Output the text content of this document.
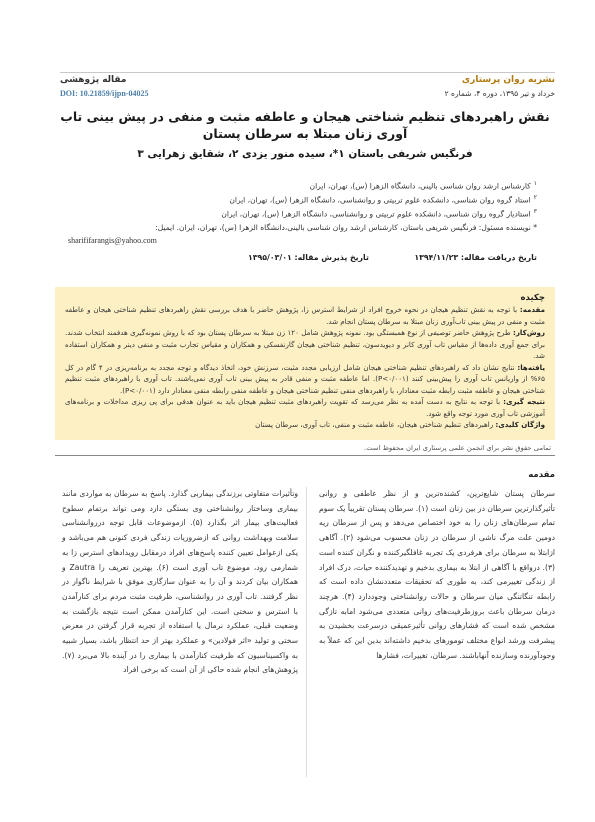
نشریه روان پرستاری
خرداد و تیر ۱۳۹۵، دوره ۴، شماره ۲
مقاله پژوهشی
DOI: 10.21859/ijpn-04025
نقش راهبردهای تنظیم شناختی هیجان و عاطفه مثبت و منفی در پیش بینی تاب آوری زنان مبتلا به سرطان پستان
فرنگیس شریفی باستان ۱*، سیده منور یزدی ۲، شقایق زهرایی ۳
$^۱$کارشناس ارشد روان شناسی بالینی، دانشگاه الزهرا (س)، تهران، ایران
$^۲$استاد گروه روان شناسی، دانشکده علوم تربیتی و روانشناسی، دانشگاه الزهرا (س)، تهران، ایران
$^۳$استادیار گروه روان شناسی، دانشکده علوم تربیتی و روانشناسی، دانشگاه الزهرا (س)، تهران، ایران
* نویسنده مسئول: فرنگیس شریفی باستان، کارشناس ارشد روان شناسی بالینی،دانشگاه الزهرا (س)، تهران، ایران. ایمیل:
sharififarangis@yahoo.com
تاریخ دریافت مقاله: ۱۳۹۴/۱۱/۲۳  تاریخ پذیرش مقاله: ۱۳۹۵/۰۳/۰۱
چکیده

مقدمه: با توجه به نقش تنظیم هیجان در نحوه خروج افراد از شرایط استرس زا، پژوهش حاضر با هدف بررسی نقش راهبردهای تنظیم شناختی هیجان و عاطفه مثبت و منفی در پیش بینی تاب‌آوری زنان مبتلا به سرطان پستان انجام شد.

روش‌کار: طرح پژوهش حاضر توصیفی از نوع همبستگی بود. نمونه پژوهش شامل ۱۲۰ زن مبتلا به سرطان پستان بود که با روش نمونه‌گیری هدفمند انتخاب شدند. برای جمع آوری داده‌ها از مقیاس تاب آوری کانر و دیویدسون، تنظیم شناختی هیجان گارنفسکی و همکاران و مقیاس تجارب مثبت و منفی دینر و همکاران استفاده شد.

یافته‌ها: نتایج نشان داد که راهبردهای تنظیم شناختی هیجان شامل ارزیابی مجدد مثبت، سرزنش خود، اتخاذ دیدگاه و توجه مجدد به برنامه‌ریزی در ۴ گام در کل ۶۵% از واریانس تاب آوری را پیش‌بینی کنند (P<۰/۰۰۱). اما عاطفه مثبت و منفی قادر به پیش بینی تاب آوری نمی‌باشند. تاب آوری با راهبردهای مثبت تنظیم شناختی هیجان و عاطفه مثبت رابطه مثبت معنادار، با راهبردهای منفی تنظیم شناختی هیجان و عاطفه منفی رابطه منفی معنادار دارد (P<۰/۰۰۱).

نتیجه گیری: با توجه به نتایج به دست آمده به نظر می‌رسد که تقویت راهبردهای مثبت تنظیم هیجان باید به عنوان هدفی برای پی ریزی مداخلات و برنامه‌های آموزشی تاب آوری مورد توجه واقع شود.

واژگان کلیدی: راهبردهای تنظیم شناختی هیجان، عاطفه مثبت و منفی، تاب آوری، سرطان پستان

تمامی حقوق نشر برای انجمن علمی پرستاری ایران محفوظ است.
مقدمه
سرطان پستان شایع‌ترین، کشنده‌ترین و از نظر عاطفی و روانی تأثیرگذارترین سرطان در بین زنان است (۱). سرطان پستان تقریباً یک سوم تمام سرطان‌های زنان را به خود اختصاص می‌دهد و پس از سرطان ریه دومین علت مرگ ناشی از سرطان در زنان محسوب می‌شود (۲). آگاهی ازابتلا به سرطان برای هرفردی یک تجربه غافلگیرکننده و نگران کننده است (۳). درواقع با آگاهی از ابتلا به بیماری بدخیم و تهدیدکننده حیات، درک افراد از زندگی تغییرمی کند، به طوری که تحقیقات متعددنشان داده است که رابطه تنگاتنگی میان سرطان و حالات روانشناختی وجوددارد (۴). هرچند درمان سرطان باعث بروزطرفیت‌های روانی متعددی می‌شود امابه تازگی مشخص شده است که فشارهای روانی تأثیرعمیقی درسرعت بخشیدن به پیشرفت ورشد انواع مختلف تومورهای بدخیم داشته‌اند بدین این که عملاً به وجودآورنده وسازنده آنهاباشند. سرطان، تغییرات، فشارها
وتأثیرات متفاوتی برزندگی بیماربی گذارد. پاسخ به سرطان به مواردی مانند بیماری وساختار روانشناختی وی بستگی دارد ومی تواند برتمام سطوح فعالیت‌های بیمار اثر بگذارد (۵). ازموضوعات قابل توجه درروانشناسی سلامت وبهداشت روانی که ازضروریات زندگی فردی کنونی هم می‌باشد و یکی ازعوامل تعیین کننده پاسخ‌های افراد درمقابل رویدادهای استرس زا به شمارمی رود، موضوع تاب آوری است (۶). بهترین تعریف را Zautra و همکاران بیان کردند و آن را به عنوان سازگاری موفق با شرایط ناگوار در نظر گرفتند. تاب آوری در روانشناسی، ظرفیت مثبت مردم برای کنارآمدن با استرس و سختی است. این کنارآمدن ممکن است نتیجه بازگشت به وضعیت قبلی، عملکرد نرمال یا استفاده از تجربه قرار گرفتن در معرض سختی و تولید «اثر فولادین» و عملکرد بهتر از حد انتظار باشد، بسیار شبیه به واکسیناسیون که ظرفیت کنارآمدن با بیماری را در آینده بالا می‌برد (۷). پژوهش‌های انجام شده حاکی از آن است که برخی افراد
